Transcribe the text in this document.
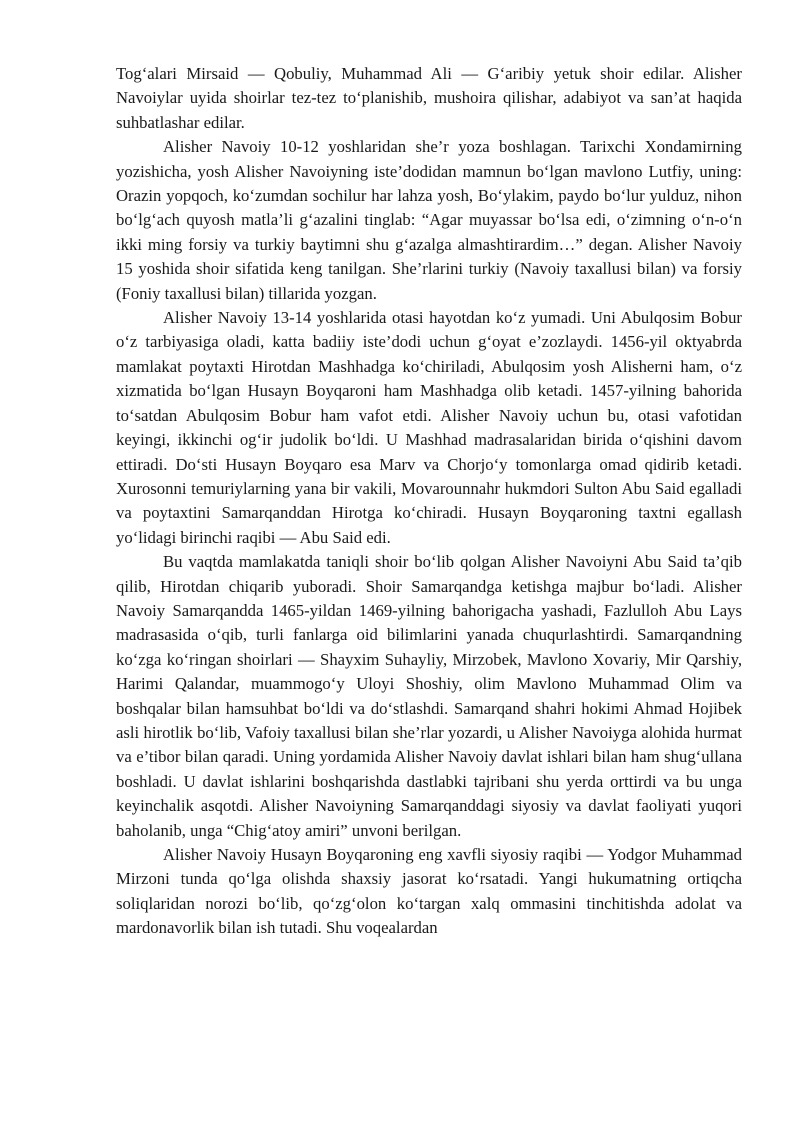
Tog‘alari Mirsaid — Qobuliy, Muhammad Ali — G‘aribiy yetuk shoir edilar. Alisher Navoiylar uyida shoirlar tez-tez to‘planishib, mushoira qilishar, adabiyot va san’at haqida suhbatlashar edilar.

Alisher Navoiy 10-12 yoshlaridan she’r yoza boshlagan. Tarixchi Xondamirning yozishicha, yosh Alisher Navoiyning iste’dodidan mamnun bo‘lgan mavlono Lutfiy, uning: Orazin yopqoch, ko‘zumdan sochilur har lahza yosh, Bo‘ylakim, paydo bo‘lur yulduz, nihon bo‘lg‘ach quyosh matla’li g‘azalini tinglab: “Agar muyassar bo‘lsa edi, o‘zimning o‘n-o‘n ikki ming forsiy va turkiy baytimni shu g‘azalga almashtirardim…” degan. Alisher Navoiy 15 yoshida shoir sifatida keng tanilgan. She’rlarini turkiy (Navoiy taxallusi bilan) va forsiy (Foniy taxallusi bilan) tillarida yozgan.

Alisher Navoiy 13-14 yoshlarida otasi hayotdan ko‘z yumadi. Uni Abulqosim Bobur o‘z tarbiyasiga oladi, katta badiiy iste’dodi uchun g‘oyat e’zozlaydi. 1456-yil oktyabrda mamlakat poytaxti Hirotdan Mashhadga ko‘chiriladi, Abulqosim yosh Alisherni ham, o‘z xizmatida bo‘lgan Husayn Boyqaroni ham Mashhadga olib ketadi. 1457-yilning bahorida to‘satdan Abulqosim Bobur ham vafot etdi. Alisher Navoiy uchun bu, otasi vafotidan keyingi, ikkinchi og‘ir judolik bo‘ldi. U Mashhad madrasalaridan birida o‘qishini davom ettiradi. Do‘sti Husayn Boyqaro esa Marv va Chorjo‘y tomonlarga omad qidirib ketadi. Xurosonni temuriylarning yana bir vakili, Movarounnahr hukmdori Sulton Abu Said egalladi va poytaxtini Samarqanddan Hirotga ko‘chiradi. Husayn Boyqaroning taxtni egallash yo‘lidagi birinchi raqibi — Abu Said edi.

Bu vaqtda mamlakatda taniqli shoir bo‘lib qolgan Alisher Navoiyni Abu Said ta’qib qilib, Hirotdan chiqarib yuboradi. Shoir Samarqandga ketishga majbur bo‘ladi. Alisher Navoiy Samarqandda 1465-yildan 1469-yilning bahorigacha yashadi, Fazlulloh Abu Lays madrasasida o‘qib, turli fanlarga oid bilimlarini yanada chuqurlashtirdi. Samarqandning ko‘zga ko‘ringan shoirlari — Shayxim Suhayliy, Mirzobek, Mavlono Xovariy, Mir Qarshiy, Harimi Qalandar, muammogo‘y Uloyi Shoshiy, olim Mavlono Muhammad Olim va boshqalar bilan hamsuhbat bo‘ldi va do‘stlashdi. Samarqand shahri hokimi Ahmad Hojibek asli hirotlik bo‘lib, Vafoiy taxallusi bilan she’rlar yozardi, u Alisher Navoiyga alohida hurmat va e’tibor bilan qaradi. Uning yordamida Alisher Navoiy davlat ishlari bilan ham shug‘ullana boshladi. U davlat ishlarini boshqarishda dastlabki tajribani shu yerda orttirdi va bu unga keyinchalik asqotdi. Alisher Navoiyning Samarqanddagi siyosiy va davlat faoliyati yuqori baholanib, unga “Chig‘atoy amiri” unvoni berilgan.

Alisher Navoiy Husayn Boyqaroning eng xavfli siyosiy raqibi — Yodgor Muhammad Mirzoni tunda qo‘lga olishda shaxsiy jasorat ko‘rsatadi. Yangi hukumatning ortiqcha soliqlaridan norozi bo‘lib, qo‘zg‘olon ko‘targan xalq ommasini tinchitishda adolat va mardonavorlik bilan ish tutadi. Shu voqealardan
